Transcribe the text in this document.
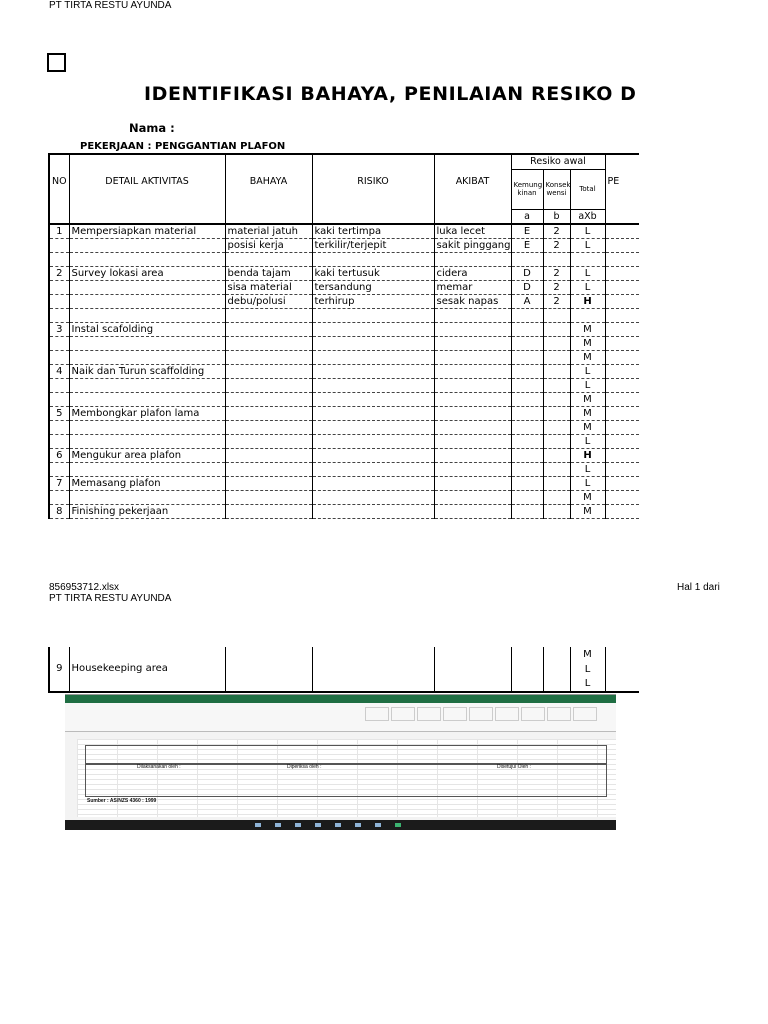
PT TIRTA RESTU AYUNDA
IDENTIFIKASI BAHAYA, PENILAIAN RESIKO D
Nama :
PEKERJAAN : PENGGANTIAN PLAFON
NO	DETAIL AKTIVITAS	BAHAYA	RISIKO	AKIBAT	Resiko awal			PE
					Kemung kinan	Konsek wensi	Total	
					a	b	aXb	
1	Mempersiapkan material	material jatuh	kaki tertimpa	luka lecet	E	2	L	
		posisi kerja	terkilir/terjepit	sakit pinggang	E	2	L	

2	Survey lokasi area	benda tajam	kaki tertusuk	cidera	D	2	L	
		sisa material	tersandung	memar	D	2	L	
		debu/polusi	terhirup	sesak napas	A	2	H	

3	Instal scafolding						M	
							M	
							M	
4	Naik dan Turun scaffolding						L	
							L	
							M	
5	Membongkar plafon lama						M	
							M	
							L	
6	Mengukur area plafon						H	
							L	
7	Memasang plafon						L	
							M	
8	Finishing pekerjaan						M	
856953712.xlsx	Hal 1 dari
PT TIRTA RESTU AYUNDA
9	Housekeeping area						M	
							L	
							L	
Dilaksanakan oleh :	Diperiksa oleh :	Disetujui Oleh :
Sumber : AS/NZS 4360 : 1999
